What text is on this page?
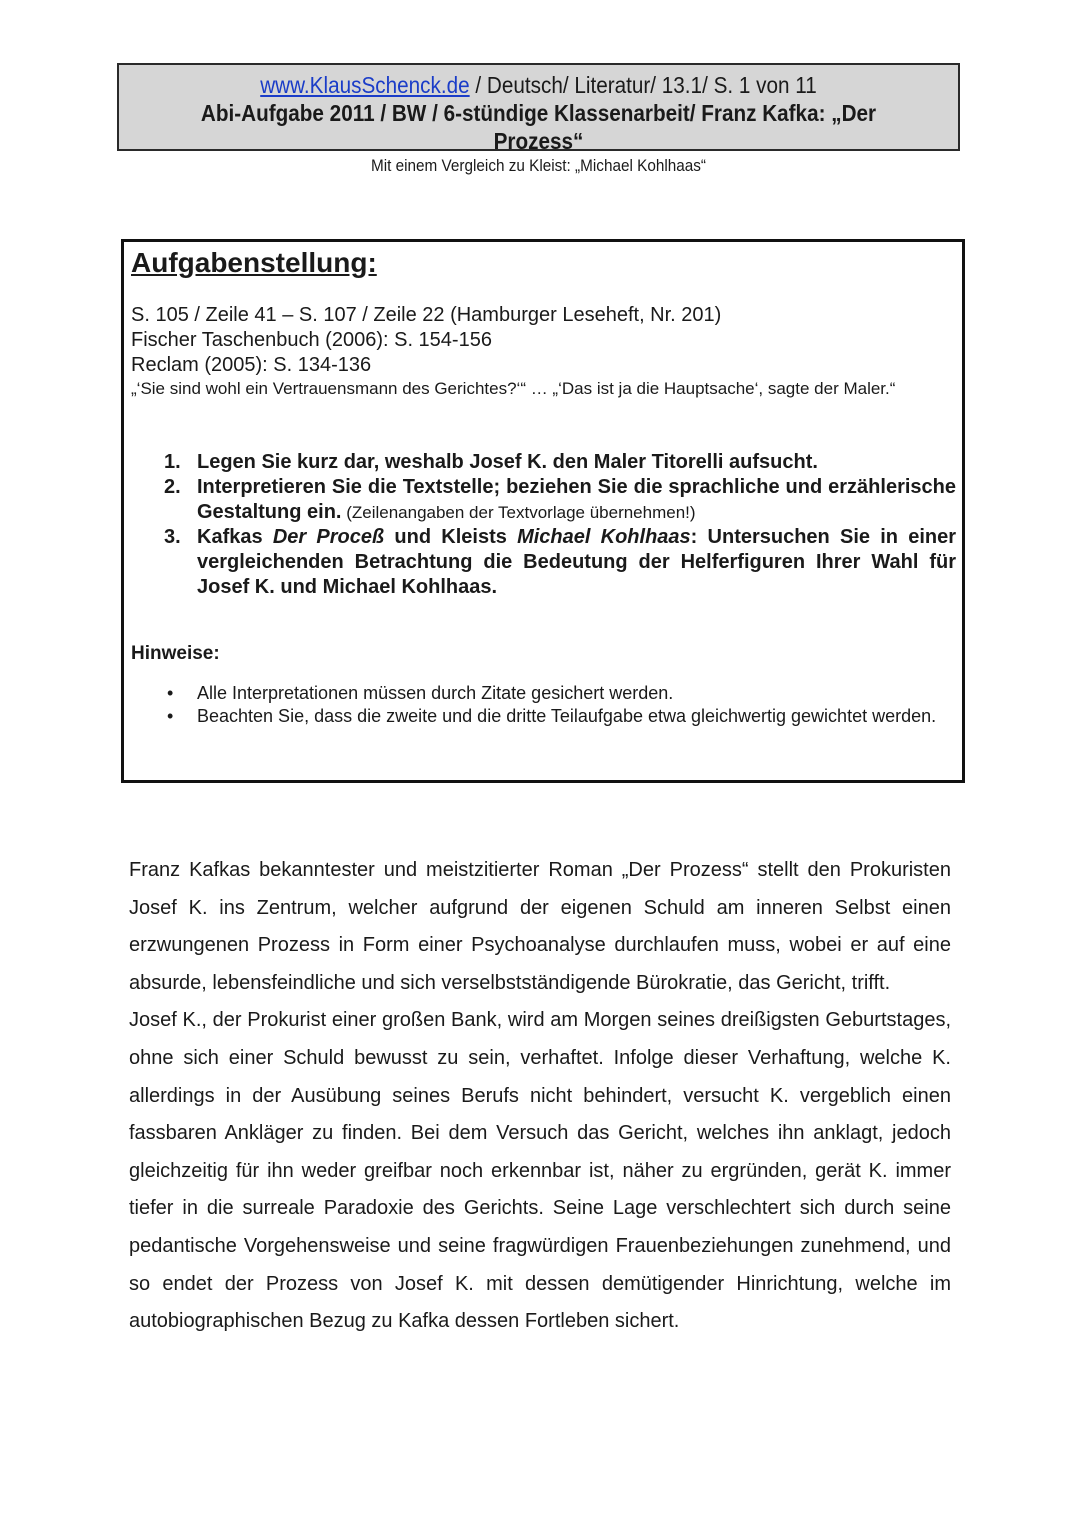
www.KlausSchenck.de / Deutsch/ Literatur/ 13.1/ S. 1 von 11
Abi-Aufgabe 2011 / BW / 6-stündige Klassenarbeit/ Franz Kafka: „Der Prozess“
Mit einem Vergleich zu Kleist: „Michael Kohlhaas“
Aufgabenstellung:
S. 105 / Zeile 41 – S. 107 / Zeile 22 (Hamburger Leseheft, Nr. 201)
Fischer Taschenbuch (2006): S. 154-156
Reclam (2005): S. 134-136
„‘Sie sind wohl ein Vertrauensmann des Gerichtes?‘“ … „‘Das ist ja die Hauptsache‘, sagte der Maler.“
1. Legen Sie kurz dar, weshalb Josef K. den Maler Titorelli aufsucht.
2. Interpretieren Sie die Textstelle; beziehen Sie die sprachliche und erzählerische Gestaltung ein. (Zeilenangaben der Textvorlage übernehmen!)
3. Kafkas Der Proceß und Kleists Michael Kohlhaas: Untersuchen Sie in einer vergleichenden Betrachtung die Bedeutung der Helferfiguren Ihrer Wahl für Josef K. und Michael Kohlhaas.
Hinweise:
• Alle Interpretationen müssen durch Zitate gesichert werden.
• Beachten Sie, dass die zweite und die dritte Teilaufgabe etwa gleichwertig gewichtet werden.

Franz Kafkas bekanntester und meistzitierter Roman „Der Prozess“ stellt den Prokuristen Josef K. ins Zentrum, welcher aufgrund der eigenen Schuld am inneren Selbst einen erzwungenen Prozess in Form einer Psychoanalyse durchlaufen muss, wobei er auf eine absurde, lebensfeindliche und sich verselbstständigende Bürokratie, das Gericht, trifft.

Josef K., der Prokurist einer großen Bank, wird am Morgen seines dreißigsten Geburtstages, ohne sich einer Schuld bewusst zu sein, verhaftet. Infolge dieser Verhaftung, welche K. allerdings in der Ausübung seines Berufs nicht behindert, versucht K. vergeblich einen fassbaren Ankläger zu finden. Bei dem Versuch das Gericht, welches ihn anklagt, jedoch gleichzeitig für ihn weder greifbar noch erkennbar ist, näher zu ergründen, gerät K. immer tiefer in die surreale Paradoxie des Gerichts. Seine Lage verschlechtert sich durch seine pedantische Vorgehensweise und seine fragwürdigen Frauenbeziehungen zunehmend, und so endet der Prozess von Josef K. mit dessen demütigender Hinrichtung, welche im autobiographischen Bezug zu Kafka dessen Fortleben sichert.
